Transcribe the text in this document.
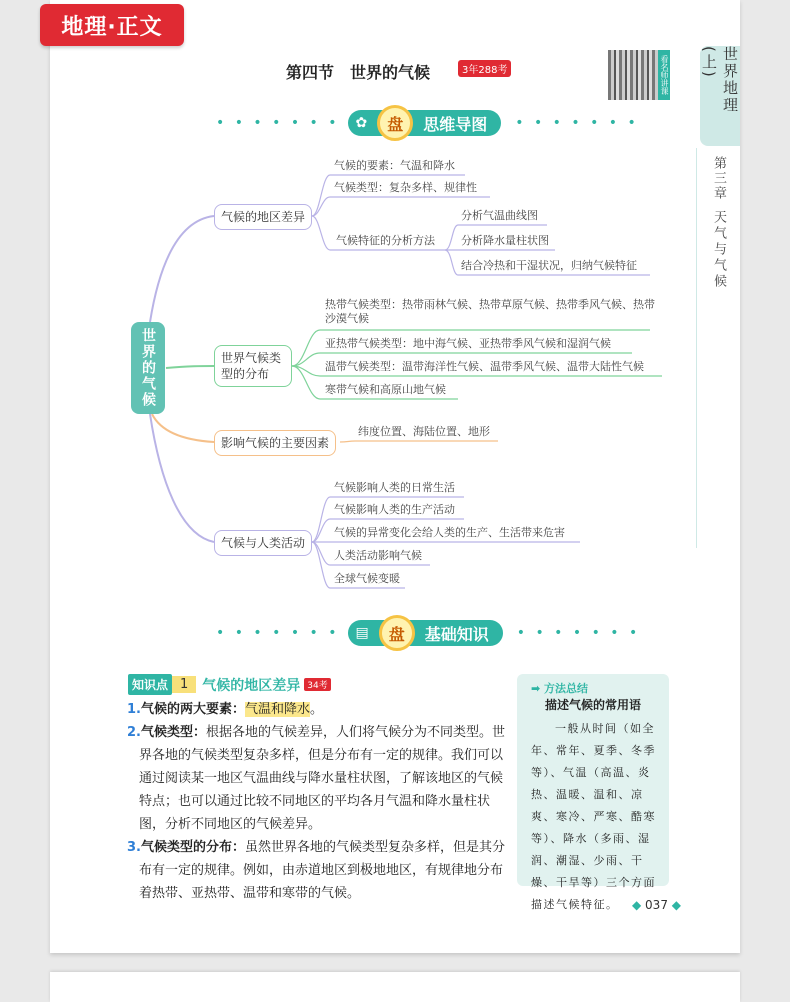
地理·正文
第四节　世界的气候	3年288考	看名师讲课	世界地理(上)
第三章
天气与气候
• • • • • • • ✿	盘	思维导图 • • • • • • •
• • • • • • • ▤	盘	基础知识 • • • • • • •
世界的气候
气候的地区差异
气候的要素：气温和降水
气候类型：复杂多样、规律性
气候特征的分析方法
分析气温曲线图
分析降水量柱状图
结合冷热和干湿状况，归纳气候特征
世界气候类型的分布
热带气候类型：热带雨林气候、热带草原气候、热带季风气候、热带沙漠气候
亚热带气候类型：地中海气候、亚热带季风气候和湿润气候
温带气候类型：温带海洋性气候、温带季风气候、温带大陆性气候
寒带气候和高原山地气候
影响气候的主要因素
纬度位置、海陆位置、地形
气候与人类活动
气候影响人类的日常生活
气候影响人类的生产活动
气候的异常变化会给人类的生产、生活带来危害
人类活动影响气候
全球气候变暖
知识点 1	气候的地区差异 34考

1.气候的两大要素：气温和降水。

2.气候类型：根据各地的气候差异，人们将气候分为不同类型。世界各地的气候类型复杂多样，但是分布有一定的规律。我们可以通过阅读某一地区气温曲线与降水量柱状图，了解该地区的气候特点；也可以通过比较不同地区的平均各月气温和降水量柱状图，分析不同地区的气候差异。

3.气候类型的分布：虽然世界各地的气候类型复杂多样，但是其分布有一定的规律。例如，由赤道地区到极地地区，有规律地分布着热带、亚热带、温带和寒带的气候。

➡ 方法总结
描述气候的常用语
一般从时间（如全年、常年、夏季、冬季等）、气温（高温、炎热、温暖、温和、凉爽、寒冷、严寒、酷寒等）、降水（多雨、湿润、潮湿、少雨、干燥、干旱等）三个方面描述气候特征。	◆ 037 ◆
